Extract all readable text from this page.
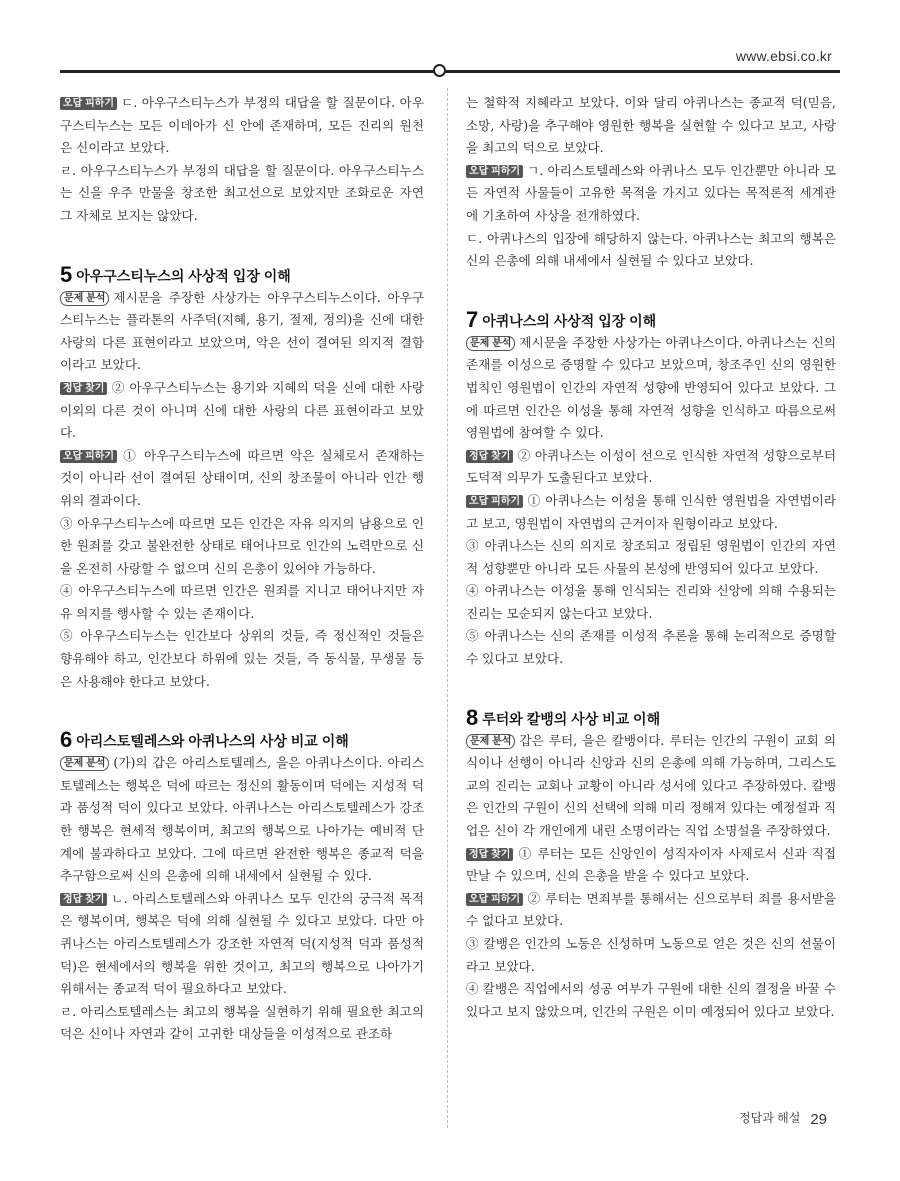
www.ebsi.co.kr

오답 피하기 ㄷ. 아우구스티누스가 부정의 대답을 할 질문이다. 아우구스티누스는 모든 이데아가 신 안에 존재하며, 모든 진리의 원천은 신이라고 보았다.

ㄹ. 아우구스티누스가 부정의 대답을 할 질문이다. 아우구스티누스는 신을 우주 만물을 창조한 최고선으로 보았지만 조화로운 자연 그 자체로 보지는 않았다.

5 아우구스티누스의 사상적 입장 이해

문제 분석 제시문을 주장한 사상가는 아우구스티누스이다. 아우구스티누스는 플라톤의 사주덕(지혜, 용기, 절제, 정의)을 신에 대한 사랑의 다른 표현이라고 보았으며, 악은 선이 결여된 의지적 결함이라고 보았다.

정답 찾기 ② 아우구스티누스는 용기와 지혜의 덕을 신에 대한 사랑 이외의 다른 것이 아니며 신에 대한 사랑의 다른 표현이라고 보았다.

오답 피하기 ① 아우구스티누스에 따르면 악은 실체로서 존재하는 것이 아니라 선이 결여된 상태이며, 신의 창조물이 아니라 인간 행위의 결과이다.

③ 아우구스티누스에 따르면 모든 인간은 자유 의지의 남용으로 인한 원죄를 갖고 불완전한 상태로 태어나므로 인간의 노력만으로 신을 온전히 사랑할 수 없으며 신의 은총이 있어야 가능하다.

④ 아우구스티누스에 따르면 인간은 원죄를 지니고 태어나지만 자유 의지를 행사할 수 있는 존재이다.

⑤ 아우구스티누스는 인간보다 상위의 것들, 즉 정신적인 것들은 향유해야 하고, 인간보다 하위에 있는 것들, 즉 동식물, 무생물 등은 사용해야 한다고 보았다.

6 아리스토텔레스와 아퀴나스의 사상 비교 이해

문제 분석 (가)의 갑은 아리스토텔레스, 을은 아퀴나스이다. 아리스토텔레스는 행복은 덕에 따르는 정신의 활동이며 덕에는 지성적 덕과 품성적 덕이 있다고 보았다. 아퀴나스는 아리스토텔레스가 강조한 행복은 현세적 행복이며, 최고의 행복으로 나아가는 예비적 단계에 불과하다고 보았다. 그에 따르면 완전한 행복은 종교적 덕을 추구함으로써 신의 은총에 의해 내세에서 실현될 수 있다.

정답 찾기 ㄴ. 아리스토텔레스와 아퀴나스 모두 인간의 궁극적 목적은 행복이며, 행복은 덕에 의해 실현될 수 있다고 보았다. 다만 아퀴나스는 아리스토텔레스가 강조한 자연적 덕(지성적 덕과 품성적 덕)은 현세에서의 행복을 위한 것이고, 최고의 행복으로 나아가기 위해서는 종교적 덕이 필요하다고 보았다.

ㄹ. 아리스토텔레스는 최고의 행복을 실현하기 위해 필요한 최고의 덕은 신이나 자연과 같이 고귀한 대상들을 이성적으로 관조하

는 철학적 지혜라고 보았다. 이와 달리 아퀴나스는 종교적 덕(믿음, 소망, 사랑)을 추구해야 영원한 행복을 실현할 수 있다고 보고, 사랑을 최고의 덕으로 보았다.

오답 피하기 ㄱ. 아리스토텔레스와 아퀴나스 모두 인간뿐만 아니라 모든 자연적 사물들이 고유한 목적을 가지고 있다는 목적론적 세계관에 기초하여 사상을 전개하였다.

ㄷ. 아퀴나스의 입장에 해당하지 않는다. 아퀴나스는 최고의 행복은 신의 은총에 의해 내세에서 실현될 수 있다고 보았다.

7 아퀴나스의 사상적 입장 이해

문제 분석 제시문을 주장한 사상가는 아퀴나스이다. 아퀴나스는 신의 존재를 이성으로 증명할 수 있다고 보았으며, 창조주인 신의 영원한 법칙인 영원법이 인간의 자연적 성향에 반영되어 있다고 보았다. 그에 따르면 인간은 이성을 통해 자연적 성향을 인식하고 따름으로써 영원법에 참여할 수 있다.

정답 찾기 ② 아퀴나스는 이성이 선으로 인식한 자연적 성향으로부터 도덕적 의무가 도출된다고 보았다.

오답 피하기 ① 아퀴나스는 이성을 통해 인식한 영원법을 자연법이라고 보고, 영원법이 자연법의 근거이자 원형이라고 보았다.

③ 아퀴나스는 신의 의지로 창조되고 정립된 영원법이 인간의 자연적 성향뿐만 아니라 모든 사물의 본성에 반영되어 있다고 보았다.

④ 아퀴나스는 이성을 통해 인식되는 진리와 신앙에 의해 수용되는 진리는 모순되지 않는다고 보았다.

⑤ 아퀴나스는 신의 존재를 이성적 추론을 통해 논리적으로 증명할 수 있다고 보았다.

8 루터와 칼뱅의 사상 비교 이해

문제 분석 갑은 루터, 을은 칼뱅이다. 루터는 인간의 구원이 교회 의식이나 선행이 아니라 신앙과 신의 은총에 의해 가능하며, 그리스도교의 진리는 교회나 교황이 아니라 성서에 있다고 주장하였다. 칼뱅은 인간의 구원이 신의 선택에 의해 미리 정해져 있다는 예정설과 직업은 신이 각 개인에게 내린 소명이라는 직업 소명설을 주장하였다.

정답 찾기 ① 루터는 모든 신앙인이 성직자이자 사제로서 신과 직접 만날 수 있으며, 신의 은총을 받을 수 있다고 보았다.

오답 피하기 ② 루터는 면죄부를 통해서는 신으로부터 죄를 용서받을 수 없다고 보았다.

③ 칼뱅은 인간의 노동은 신성하며 노동으로 얻은 것은 신의 선물이라고 보았다.

④ 칼뱅은 직업에서의 성공 여부가 구원에 대한 신의 결정을 바꿀 수 있다고 보지 않았으며, 인간의 구원은 이미 예정되어 있다고 보았다.

정답과 해설 29
